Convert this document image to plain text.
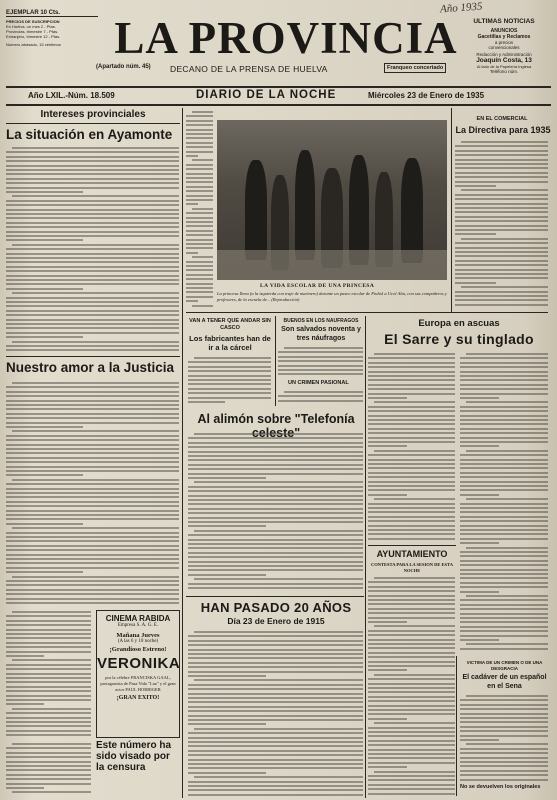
Año 1935
EJEMPLAR 10 Cts.
PRECIOS DE SUSCRIPCION
En Huelva, un mes 2 - Ptas.
Provincias, trimestre 7 - Ptas.
Extranjero, trimestre 12 - Ptas.
Número atrasado, 15 céntimos	LA PROVINCIA
(Apartado núm. 45) DECANO DE LA PRENSA DE HUELVA	Franqueo concertado
ULTIMAS NOTICIAS
ANUNCIOS
Gacetillas y Reclamos
a precios
convencionales
Redacción y Administración
Joaquín Costa, 13
Al lado de la Papelería Inglesa
Teléfono núm.
Año LXIL.-Núm. 18.509	DIARIO DE LA NOCHE	Miércoles 23 de Enero de 1935
Intereses provinciales
La situación en Ayamonte
Nuestro amor a la Justicia
CINEMA RABIDA
Empresa S. A. G. E.
Mañana Jueves
(A las 6 y 10 noche)
¡Grandioso Estreno!
VERONIKA
por la célebre FRANCISKA GAAL, protagonista de Pasa Vida "Luz" y el gran actor PAUL HORBIGER
¡GRAN EXITO!
Este número ha sido visado por la censura
LA VIDA ESCOLAR DE UNA PRINCESA
La princesa Ilena (a la izquierda con traje de marinero) durante un paseo escolar de Fiuhol a Ucol Alta, con sus compañeros y profesores, de la escuela de... (Reproducción)
VAN A TENER QUE ANDAR SIN CASCO
Los fabricantes han de ir a la cárcel
BUENOS EN LOS NAUFRAGOS
Son salvados noventa y tres náufragos
UN CRIMEN PASIONAL
Al alimón sobre "Telefonía
HAN PASADO 20 AÑOS
Día 23 de Enero de 1915
EN EL COMERCIAL
La Directiva para 1935
Europa en ascuas
El Sarre y su tinglado
AYUNTAMIENTO
CONTESTA PARA LA SESION DE ESTA NOCHE
VICTIMA DE UN CRIMEN O DE UNA DESGRACIA
El cadáver de un español en el Sena
No se devuelven los originales
